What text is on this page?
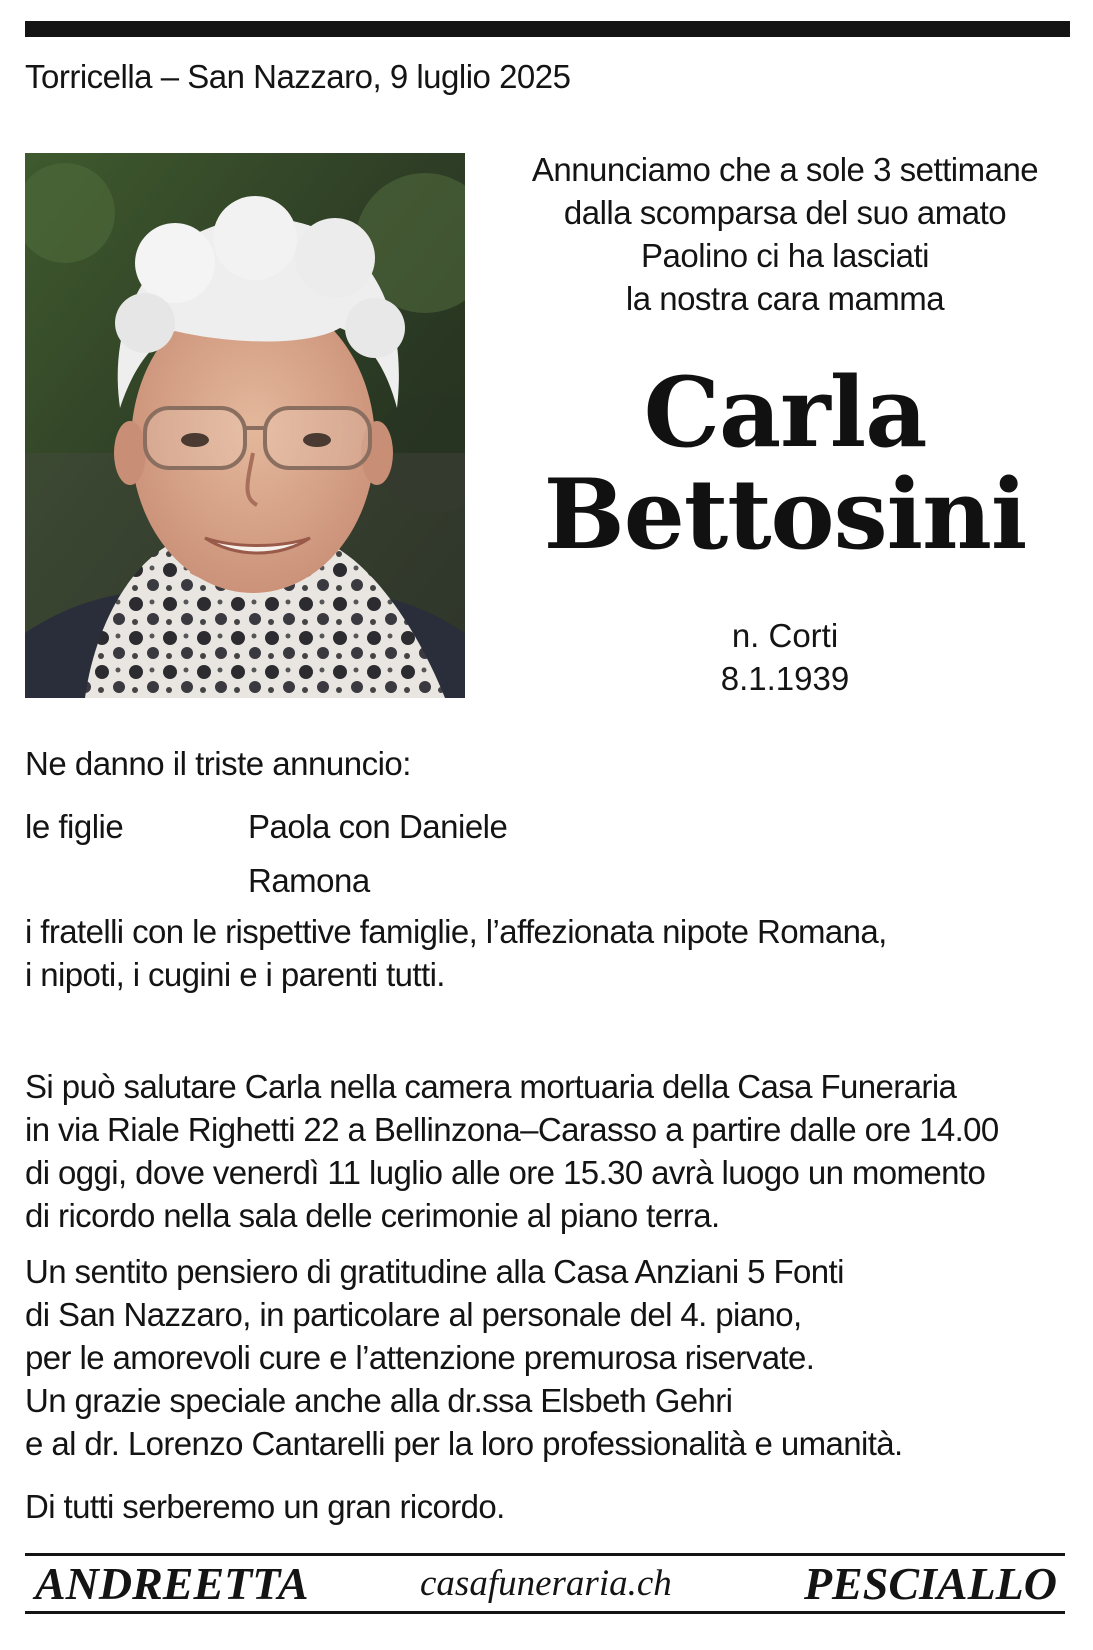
Torricella – San Nazzaro, 9 luglio 2025
Annunciamo che a sole 3 settimane
dalla scomparsa del suo amato
Paolino ci ha lasciati
la nostra cara mamma
Carla
Bettosini
n. Corti
8.1.1939
Ne danno il triste annuncio:
le figlie	Paola con Daniele
Ramona
i fratelli con le rispettive famiglie, l’affezionata nipote Romana,
i nipoti, i cugini e i parenti tutti.
Si può salutare Carla nella camera mortuaria della Casa Funeraria
in via Riale Righetti 22 a Bellinzona–Carasso a partire dalle ore 14.00
di oggi, dove venerdì 11 luglio alle ore 15.30 avrà luogo un momento
di ricordo nella sala delle cerimonie al piano terra.
Un sentito pensiero di gratitudine alla Casa Anziani 5 Fonti
di San Nazzaro, in particolare al personale del 4. piano,
per le amorevoli cure e l’attenzione premurosa riservate.
Un grazie speciale anche alla dr.ssa Elsbeth Gehri
e al dr. Lorenzo Cantarelli per la loro professionalità e umanità.
Di tutti serberemo un gran ricordo.
ANDREETTA	casafuneraria.ch	PESCIALLO
